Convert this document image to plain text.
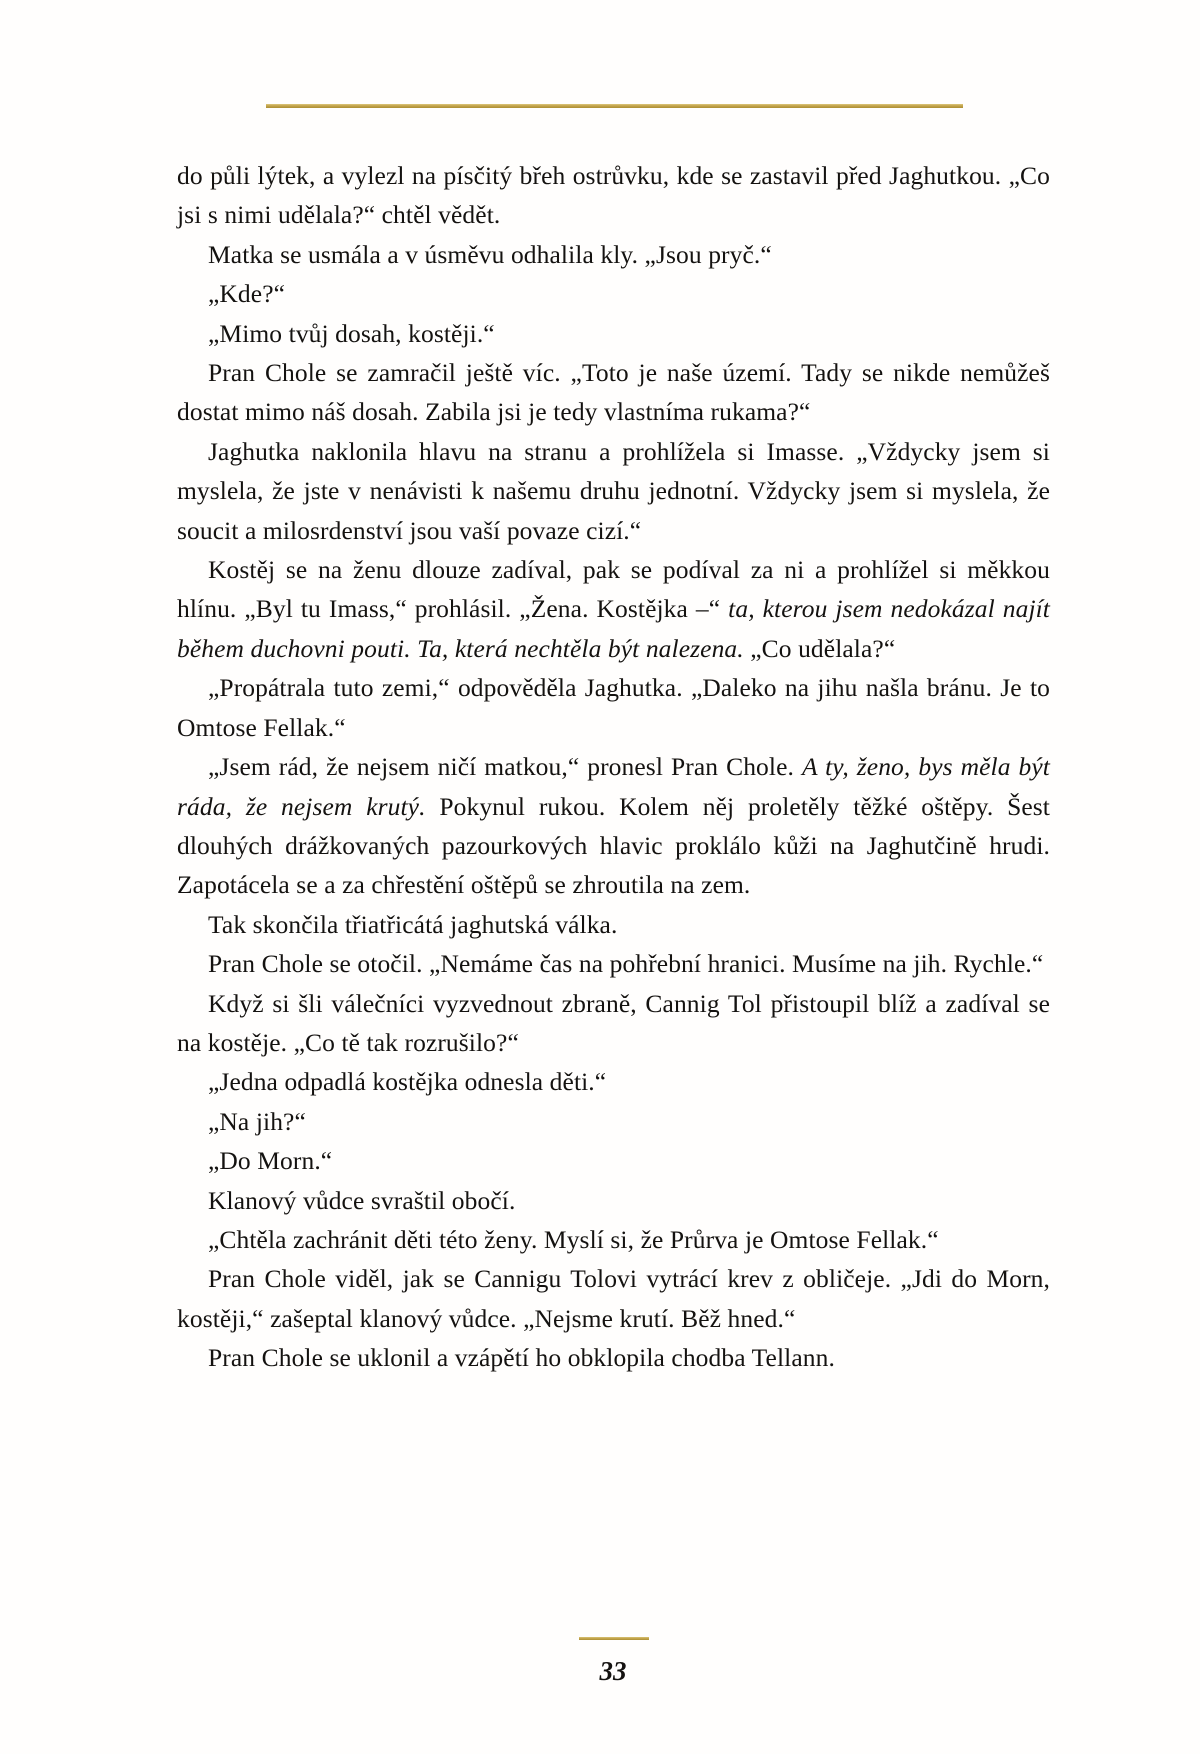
do půli lýtek, a vylezl na písčitý břeh ostrůvku, kde se zastavil před Jaghutkou. „Co jsi s nimi udělala?“ chtěl vědět.

Matka se usmála a v úsměvu odhalila kly. „Jsou pryč.“

„Kde?“

„Mimo tvůj dosah, kostěji.“

Pran Chole se zamračil ještě víc. „Toto je naše území. Tady se nikde nemůžeš dostat mimo náš dosah. Zabila jsi je tedy vlastníma rukama?“

Jaghutka naklonila hlavu na stranu a prohlížela si Imasse. „Vždycky jsem si myslela, že jste v nenávisti k našemu druhu jednotní. Vždycky jsem si myslela, že soucit a milosrdenství jsou vaší povaze cizí.“

Kostěj se na ženu dlouze zadíval, pak se podíval za ni a prohlížel si měkkou hlínu. „Byl tu Imass,“ prohlásil. „Žena. Kostějka –“ ta, kterou jsem nedokázal najít během duchovni pouti. Ta, která nechtěla být nalezena. „Co udělala?“

„Propátrala tuto zemi,“ odpověděla Jaghutka. „Daleko na jihu našla bránu. Je to Omtose Fellak.“

„Jsem rád, že nejsem ničí matkou,“ pronesl Pran Chole. A ty, ženo, bys měla být ráda, že nejsem krutý. Pokynul rukou. Kolem něj proletěly těžké oštěpy. Šest dlouhých drážkovaných pazourkových hlavic proklálo kůži na Jaghutčině hrudi. Zapotácela se a za chřestění oštěpů se zhroutila na zem.

Tak skončila třiatřicátá jaghutská válka.

Pran Chole se otočil. „Nemáme čas na pohřební hranici. Musíme na jih. Rychle.“

Když si šli válečníci vyzvednout zbraně, Cannig Tol přistoupil blíž a zadíval se na kostěje. „Co tě tak rozrušilo?“

„Jedna odpadlá kostějka odnesla děti.“

„Na jih?“

„Do Morn.“

Klanový vůdce svraštil obočí.

„Chtěla zachránit děti této ženy. Myslí si, že Průrva je Omtose Fellak.“

Pran Chole viděl, jak se Cannigu Tolovi vytrácí krev z obličeje. „Jdi do Morn, kostěji,“ zašeptal klanový vůdce. „Nejsme krutí. Běž hned.“

Pran Chole se uklonil a vzápětí ho obklopila chodba Tellann.

33
